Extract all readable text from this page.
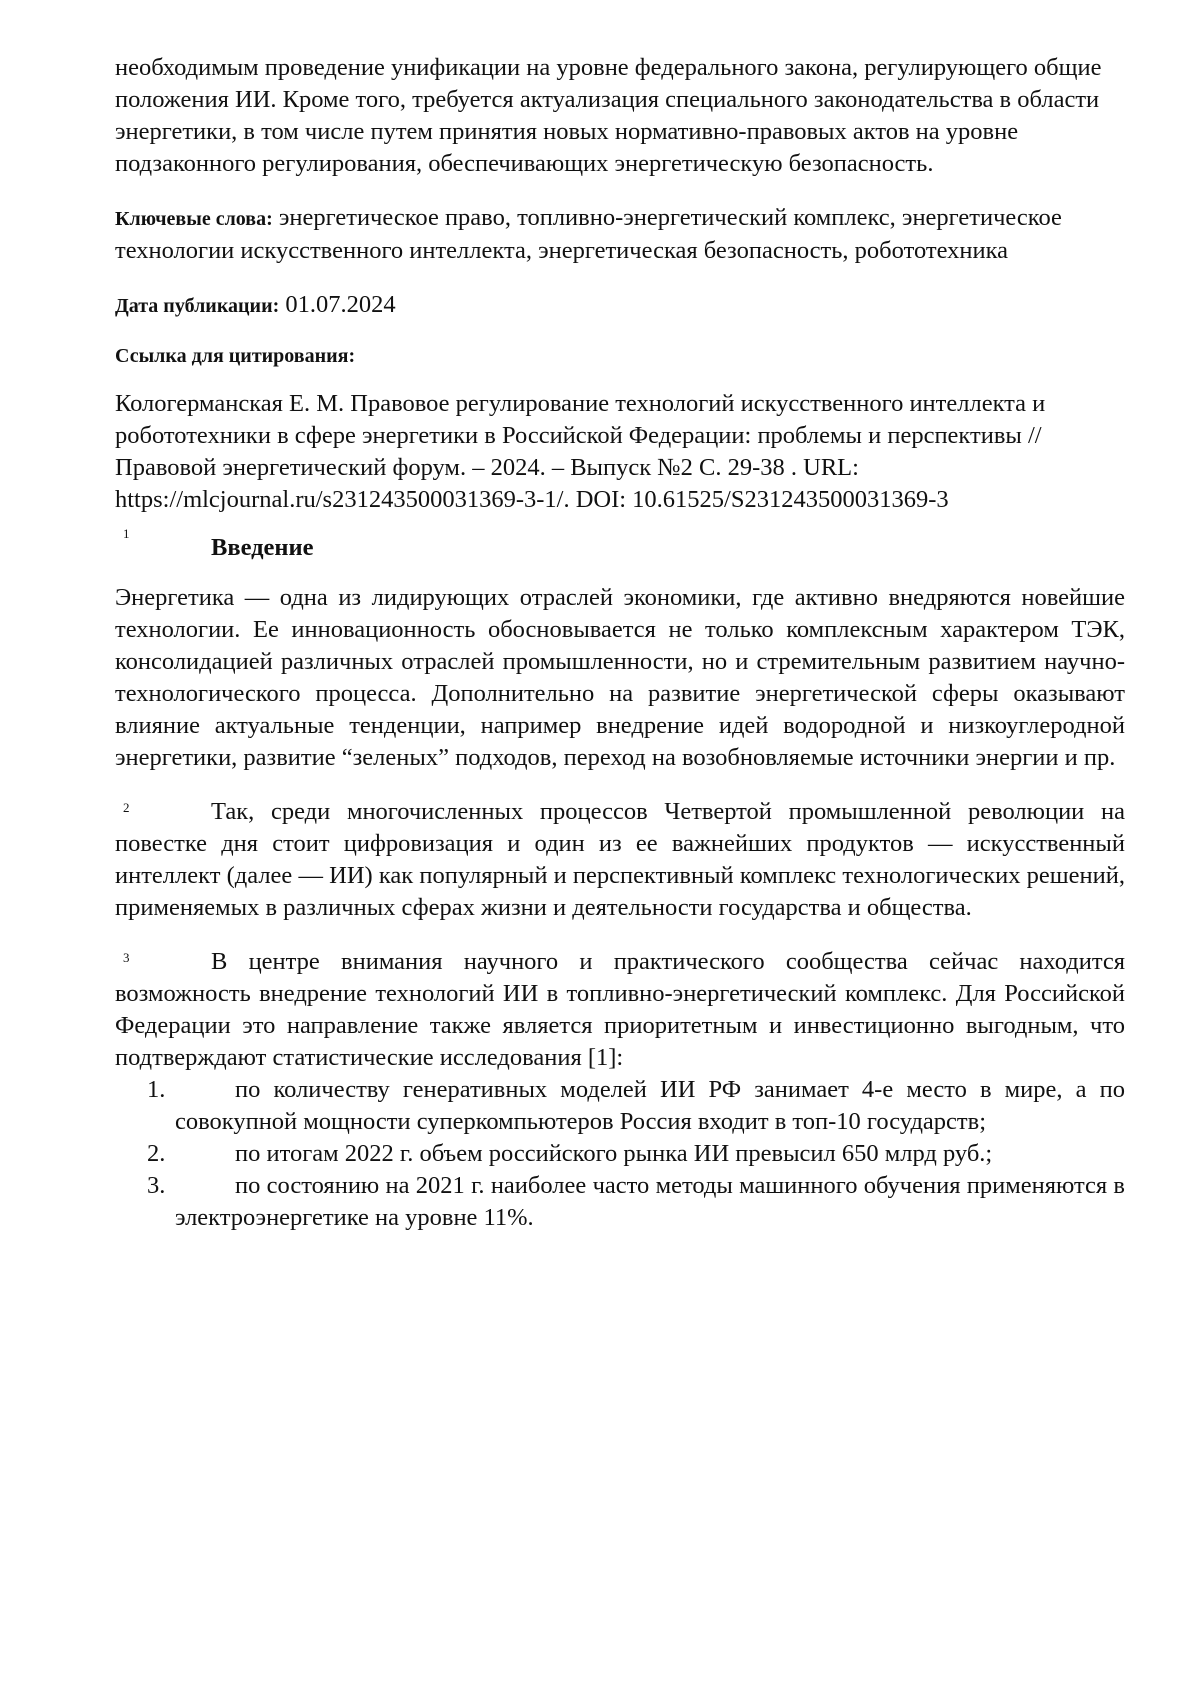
необходимым проведение унификации на уровне федерального закона, регулирующего общие положения ИИ. Кроме того, требуется актуализация специального законодательства в области энергетики, в том числе путем принятия новых нормативно-правовых актов на уровне подзаконного регулирования, обеспечивающих энергетическую безопасность.

Ключевые слова: энергетическое право, топливно-энергетический комплекс, энергетическое технологии искусственного интеллекта, энергетическая безопасность, робототехника

Дата публикации: 01.07.2024

Ссылка для цитирования:

Кологерманская Е. М. Правовое регулирование технологий искусственного интеллекта и робототехники в сфере энергетики в Российской Федерации: проблемы и перспективы // Правовой энергетический форум. – 2024. – Выпуск №2 С. 29-38 . URL: https://mlcjournal.ru/s231243500031369-3-1/. DOI: 10.61525/S231243500031369-3

1

Введение

Энергетика — одна из лидирующих отраслей экономики, где активно внедряются новейшие технологии. Ее инновационность обосновывается не только комплексным характером ТЭК, консолидацией различных отраслей промышленности, но и стремительным развитием научно-технологического процесса. Дополнительно на развитие энергетической сферы оказывают влияние актуальные тенденции, например внедрение идей водородной и низкоуглеродной энергетики, развитие “зеленых” подходов, переход на возобновляемые источники энергии и пр.

2	Так, среди многочисленных процессов Четвертой промышленной революции на повестке дня стоит цифровизация и один из ее важнейших продуктов — искусственный интеллект (далее — ИИ) как популярный и перспективный комплекс технологических решений, применяемых в различных сферах жизни и деятельности государства и общества.

3	В центре внимания научного и практического сообщества сейчас находится возможность внедрение технологий ИИ в топливно-энергетический комплекс. Для Российской Федерации это направление также является приоритетным и инвестиционно выгодным, что подтверждают статистические исследования [1]:

1.	по количеству генеративных моделей ИИ РФ занимает 4-е место в мире, а по совокупной мощности суперкомпьютеров Россия входит в топ-10 государств;
2.	по итогам 2022 г. объем российского рынка ИИ превысил 650 млрд руб.;
3.	по состоянию на 2021 г. наиболее часто методы машинного обучения применяются в электроэнергетике на уровне 11%.
